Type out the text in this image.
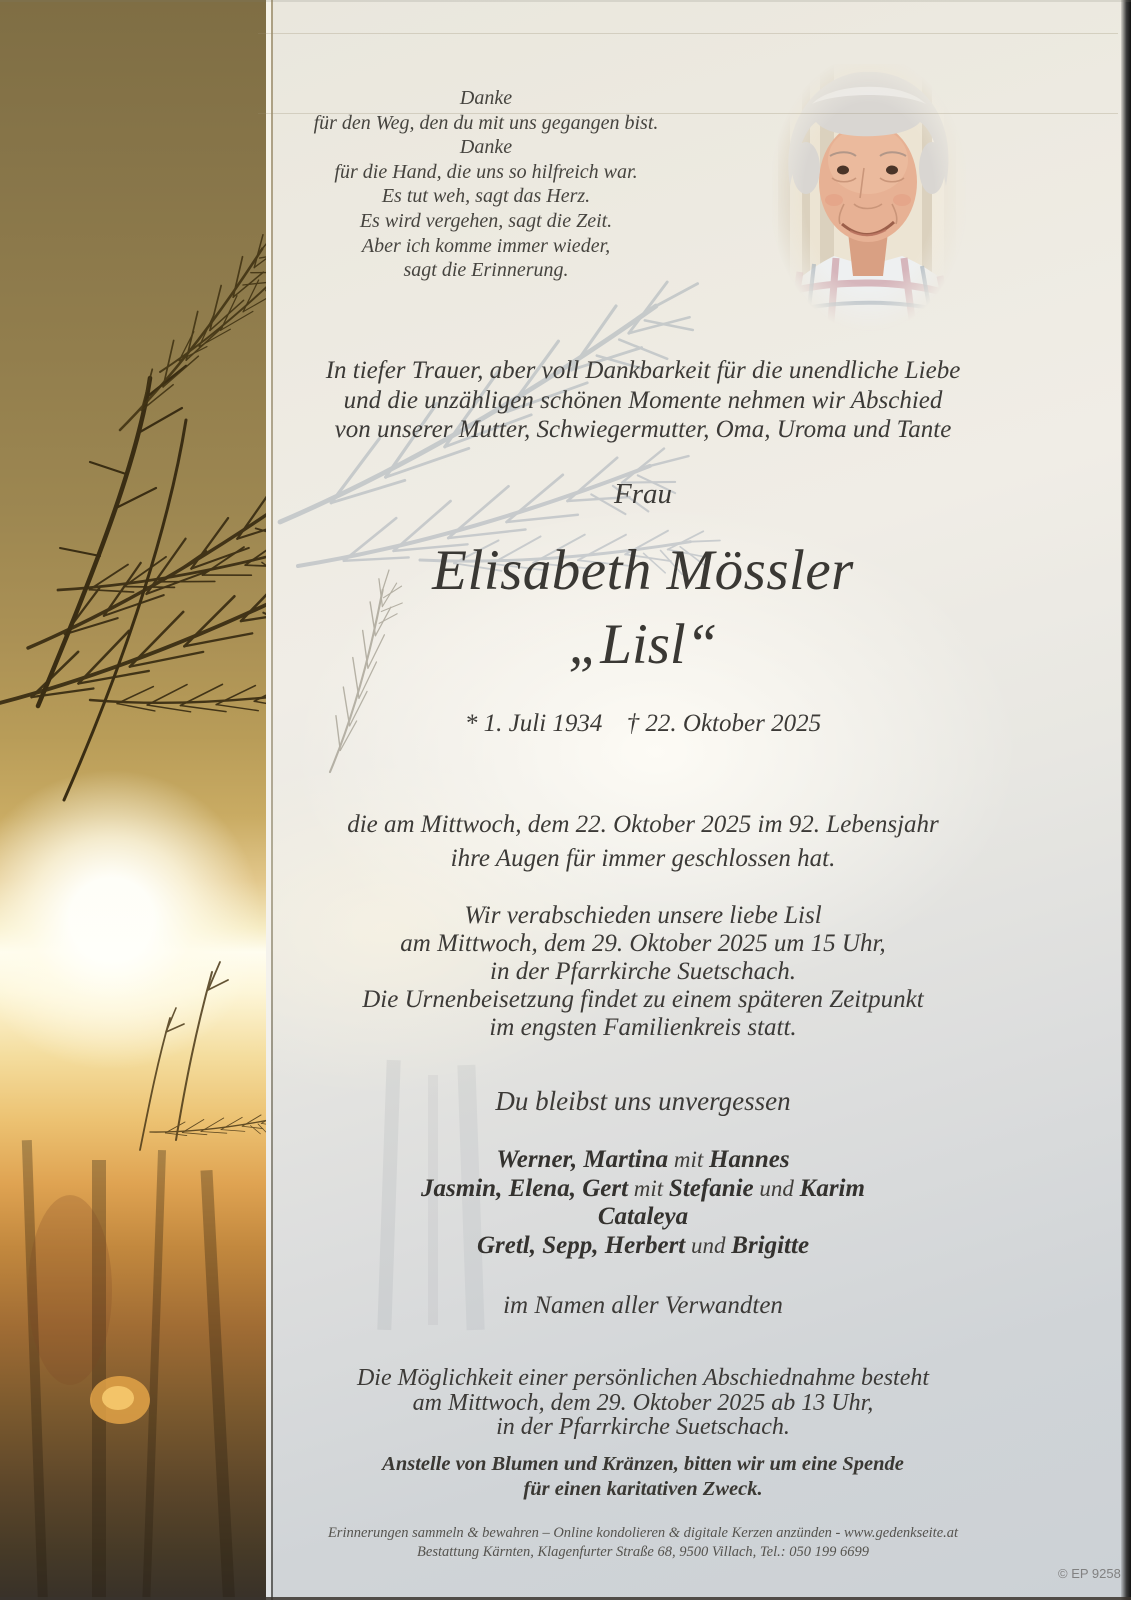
Danke
für den Weg, den du mit uns gegangen bist.
Danke
für die Hand, die uns so hilfreich war.
Es tut weh, sagt das Herz.
Es wird vergehen, sagt die Zeit.
Aber ich komme immer wieder,
sagt die Erinnerung.
In tiefer Trauer, aber voll Dankbarkeit für die unendliche Liebe
und die unzähligen schönen Momente nehmen wir Abschied
von unserer Mutter, Schwiegermutter, Oma, Uroma und Tante
Frau
Elisabeth Mössler
„Lisl“
* 1. Juli 1934 † 22. Oktober 2025
die am Mittwoch, dem 22. Oktober 2025 im 92. Lebensjahr
ihre Augen für immer geschlossen hat.
Wir verabschieden unsere liebe Lisl
am Mittwoch, dem 29. Oktober 2025 um 15 Uhr,
in der Pfarrkirche Suetschach.
Die Urnenbeisetzung findet zu einem späteren Zeitpunkt
im engsten Familienkreis statt.
Du bleibst uns unvergessen
Werner, Martina mit Hannes
Jasmin, Elena, Gert mit Stefanie und Karim
Cataleya
Gretl, Sepp, Herbert und Brigitte
im Namen aller Verwandten
Die Möglichkeit einer persönlichen Abschiednahme besteht
am Mittwoch, dem 29. Oktober 2025 ab 13 Uhr,
in der Pfarrkirche Suetschach.
Anstelle von Blumen und Kränzen, bitten wir um eine Spende
für einen karitativen Zweck.
Erinnerungen sammeln & bewahren – Online kondolieren & digitale Kerzen anzünden - www.gedenkseite.at
Bestattung Kärnten, Klagenfurter Straße 68, 9500 Villach, Tel.: 050 199 6699
© EP 9258
